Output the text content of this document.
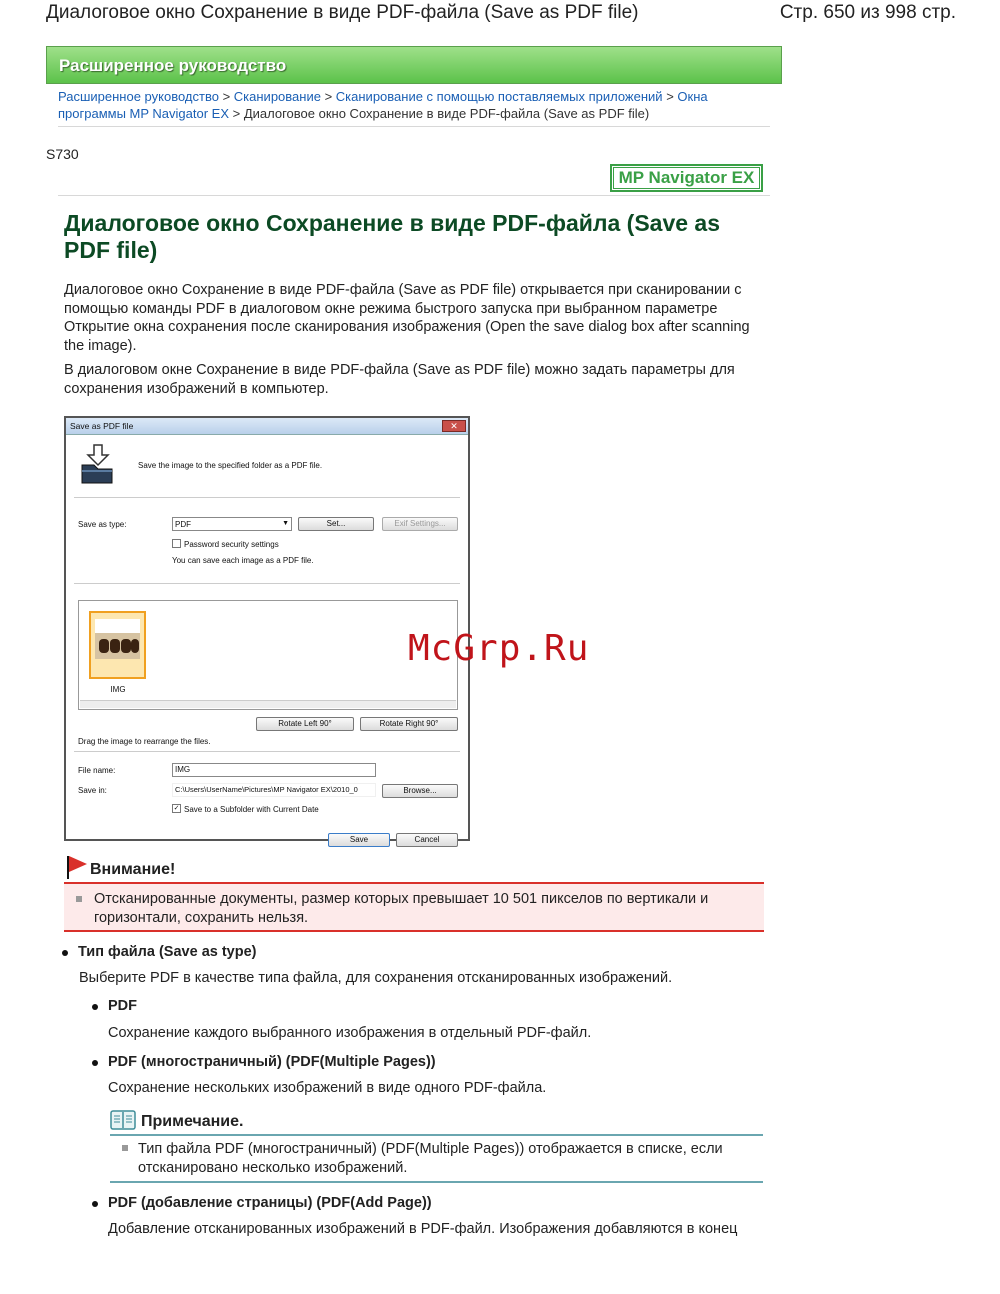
Диалоговое окно Сохранение в виде PDF-файла (Save as PDF file)	Стр. 650 из 998 стр.
Расширенное руководство
Расширенное руководство > Сканирование > Сканирование с помощью поставляемых приложений > Окна программы MP Navigator EX > Диалоговое окно Сохранение в виде PDF-файла (Save as PDF file)
S730
MP Navigator EX
Диалоговое окно Сохранение в виде PDF-файла (Save as PDF file)
Диалоговое окно Сохранение в виде PDF-файла (Save as PDF file) открывается при сканировании с помощью команды PDF в диалоговом окне режима быстрого запуска при выбранном параметре Открытие окна сохранения после сканирования изображения (Open the save dialog box after scanning the image).
В диалоговом окне Сохранение в виде PDF-файла (Save as PDF file) можно задать параметры для сохранения изображений в компьютер.
Save as PDF file	✕
Save the image to the specified folder as a PDF file.
Save as type:	PDF	▼	Set...	Exif Settings...
Password security settings
You can save each image as a PDF file.
IMG
Rotate Left 90°	Rotate Right 90°
Drag the image to rearrange the files.
File name:	IMG
Save in:	C:\Users\UserName\Pictures\MP Navigator EX\2010_0	Browse...
✓ Save to a Subfolder with Current Date
Save	Cancel
McGrp.Ru
Внимание!
Отсканированные документы, размер которых превышает 10 501 пикселов по вертикали и горизонтали, сохранить нельзя.
Тип файла (Save as type)
Выберите PDF в качестве типа файла, для сохранения отсканированных изображений.
PDF
Сохранение каждого выбранного изображения в отдельный PDF-файл.
PDF (многостраничный) (PDF(Multiple Pages))
Сохранение нескольких изображений в виде одного PDF-файла.
Примечание.
Тип файла PDF (многостраничный) (PDF(Multiple Pages)) отображается в списке, если отсканировано несколько изображений.
PDF (добавление страницы) (PDF(Add Page))
Добавление отсканированных изображений в PDF-файл. Изображения добавляются в конец
